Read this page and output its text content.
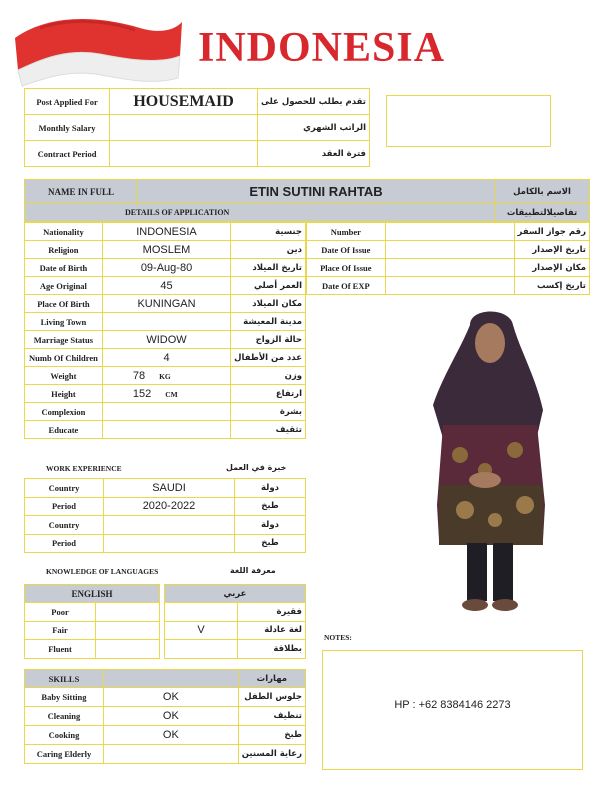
INDONESIA
Post Applied For	HOUSEMAID	تقدم بطلب للحصول على
Monthly Salary		الراتب الشهري
Contract Period		فترة العقد
NAME IN FULL	ETIN SUTINI RAHTAB	الاسم بالكامل
DETAILS OF APPLICATION		تفاصيلالتطبيقات
Nationality	INDONESIA	جنسية
Religion	MOSLEM	دين
Date of Birth	09-Aug-80	تاريخ الميلاد
Age Original	45	العمر أصلي
Place Of Birth	KUNINGAN	مكان الميلاد
Living Town		مدينة المعيشة
Marriage Status	WIDOW	حالة الزواج
Numb Of Children	4	عدد من الأطفال
Weight	78 KG	وزن
Height	152 CM	ارتفاع
Complexion		بشرة
Educate		تثقيف
Number		رقم جواز السفر
Date Of Issue		تاريخ الإصدار
Place Of Issue		مكان الإصدار
Date Of EXP		تاريخ إكسب
WORK EXPERIENCE	خبرة في العمل
Country	SAUDI	دولة
Period	2020-2022	طبخ
Country		دولة
Period		طبخ
KNOWLEDGE OF LANGUAGES	معرفة اللغة
ENGLISH	
Poor	
Fair	
Fluent	
عربي	
	فقيرة
V	لغة عادلة
	بطلاقة
SKILLS		مهارات
Baby Sitting	OK	جلوس الطفل
Cleaning	OK	تنظيف
Cooking	OK	طبخ
Caring Elderly		رعاية المسنين
NOTES:
HP : +62 8384146 2273
